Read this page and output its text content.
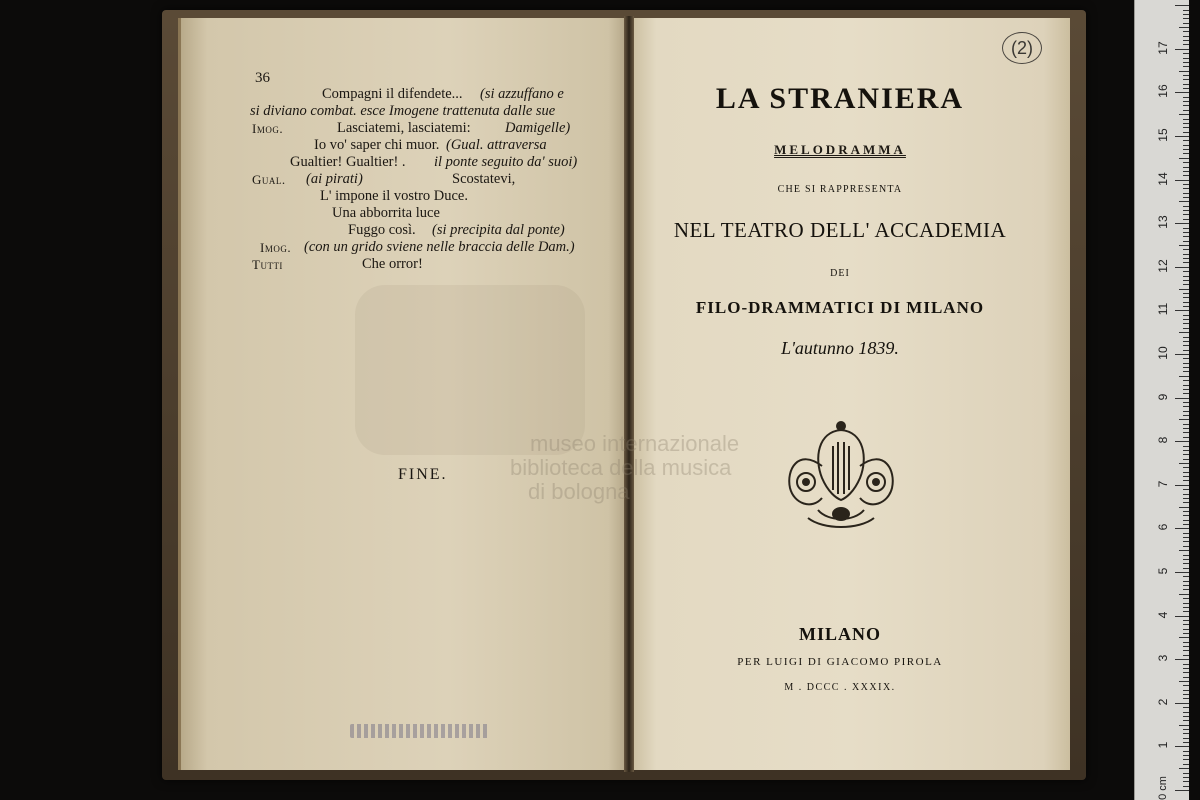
museo internazionale
biblioteca della musica
di bologna
36
Compagni il difendete... (si azzuffano e
si diviano combat. esce Imogene trattenuta dalle sue
Imog.	Lasciatemi, lasciatemi: Damigelle)
Io vo' saper chi muor. (Gual. attraversa
Gualtier! Gualtier! . il ponte seguito da' suoi)
Gual. (ai pirati)	Scostatevi,
L' impone il vostro Duce.
Una abborrita luce
Fuggo così. (si precipita dal ponte)
Imog. (con un grido sviene nelle braccia delle Dam.)
Tutti	Che orror!
FINE.
(2)
LA STRANIERA
MELODRAMMA
CHE SI RAPPRESENTA
NEL TEATRO DELL' ACCADEMIA
DEI
FILO-DRAMMATICI DI MILANO
L'autunno 1839.
MILANO
PER LUIGI DI GIACOMO PIROLA
M . DCCC . XXXIX.
0 cm
1
2
3
4
5
6
7
8
9
10
11
12
13
14
15
16
17
